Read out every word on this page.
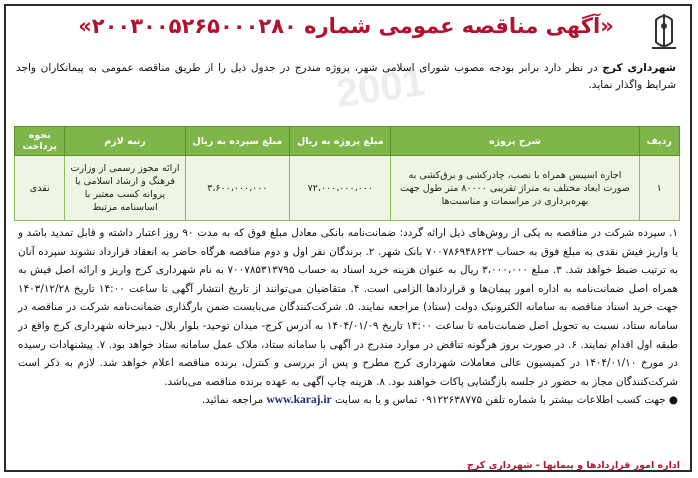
«آگهی مناقصه عمومی شماره ۲۰۰۳۰۰۵۲۶۵۰۰۰۲۸۰»
2001	شهرداری کرج در نظر دارد برابر بودجه مصوب شورای اسلامی شهر، پروژه مندرج در جدول ذیل را از طریق مناقصه عمومی به پیمانکاران واجد شرایط واگذار نماید.
ردیف	شرح پروژه	مبلغ پروژه به ریال	مبلغ سپرده به ریال	رتبه لازم	نحوه پرداخت
۱	اجاره اسپیس همراه با نصب، چادرکشی و برق‌کشی به صورت ابعاد مختلف به متراژ تقریبی ۸۰۰۰۰ متر طول جهت بهره‌برداری در مراسمات و مناسبت‌ها	۷۲،۰۰۰،۰۰۰،۰۰۰	۳،۶۰۰،۰۰۰،۰۰۰	ارائه مجوز رسمی از وزارت فرهنگ و ارشاد اسلامی یا پروانه کسب معتبر با اساسنامه مرتبط	نقدی
۱. سپرده شرکت در مناقصه به یکی از روش‌های ذیل ارائه گردد: ضمانت‌نامه بانکی معادل مبلغ فوق که به مدت ۹۰ روز اعتبار داشته و قابل تمدید باشد و یا واریز فیش نقدی به مبلغ فوق به حساب ۷۰۰۷۸۶۹۴۸۶۲۳ بانک شهر. ۲. برندگان نفر اول و دوم مناقصه هرگاه حاضر به انعقاد قرارداد نشوند سپرده آنان به ترتیب ضبط خواهد شد. ۳. مبلغ ۳،۰۰۰،۰۰۰ ریال به عنوان هزینه خرید اسناد به حساب ۷۰۰۷۸۵۳۱۳۷۹۵ به نام شهرداری کرج واریز و ارائه اصل فیش به همراه اصل ضمانت‌نامه به اداره امور پیمان‌ها و قراردادها الزامی است. ۴. متقاضیان می‌توانند از تاریخ انتشار آگهی تا ساعت ۱۴:۰۰ تاریخ ۱۴۰۳/۱۲/۲۸ جهت خرید اسناد مناقصه به سامانه الکترونیک دولت (ستاد) مراجعه نمایند. ۵. شرکت‌کنندگان می‌بایست ضمن بارگذاری ضمانت‌نامه شرکت در مناقصه در سامانه ستاد، نسبت به تحویل اصل ضمانت‌نامه تا ساعت ۱۴:۰۰ تاریخ ۱۴۰۴/۰۱/۰۹ به آدرس کرج- میدان توحید- بلوار بلال- دبیرخانه شهرداری کرج واقع در طبقه اول اقدام نمایند. ۶. در صورت بروز هرگونه تناقض در موارد مندرج در آگهی با سامانه ستاد، ملاک عمل سامانه ستاد خواهد بود. ۷. پیشنهادات رسیده در مورخ ۱۴۰۴/۰۱/۱۰ در کمیسیون عالی معاملات شهرداری کرج مطرح و پس از بررسی و کنترل، برنده مناقصه اعلام خواهد شد. لازم به ذکر است شرکت‌کنندگان مجاز به حضور در جلسه بازگشایی پاکات خواهند بود. ۸. هزینه چاپ آگهی به عهده برنده مناقصه می‌باشد.
● جهت کسب اطلاعات بیشتر با شماره تلفن ۰۹۱۲۲۶۳۸۷۷۵ تماس و یا به سایت www.karaj.ir مراجعه نمائید.
اداره امور قراردادها و پیمانها - شهرداری کرج
